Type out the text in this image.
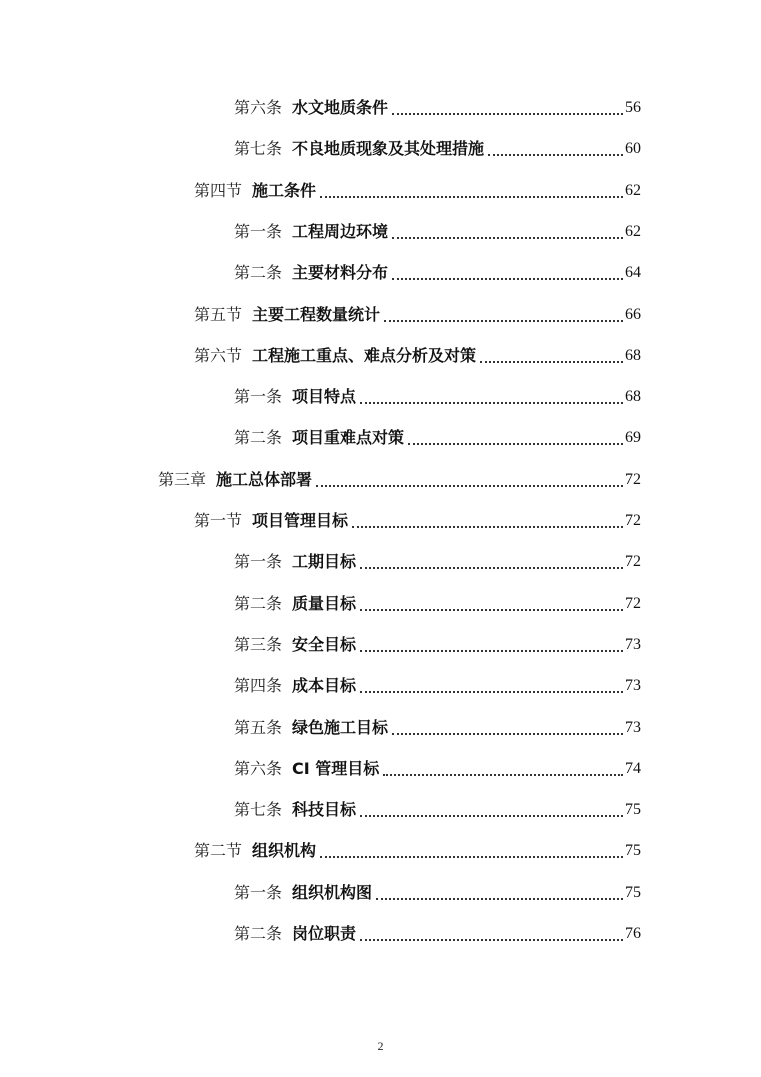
第六条 水文地质条件	56
第七条 不良地质现象及其处理措施	60
第四节 施工条件	62
第一条 工程周边环境	62
第二条 主要材料分布	64
第五节 主要工程数量统计	66
第六节 工程施工重点、难点分析及对策	68
第一条 项目特点	68
第二条 项目重难点对策	69
第三章 施工总体部署	72
第一节 项目管理目标	72
第一条 工期目标	72
第二条 质量目标	72
第三条 安全目标	73
第四条 成本目标	73
第五条 绿色施工目标	73
第六条 CI 管理目标	74
第七条 科技目标	75
第二节 组织机构	75
第一条 组织机构图	75
第二条 岗位职责	76
2
